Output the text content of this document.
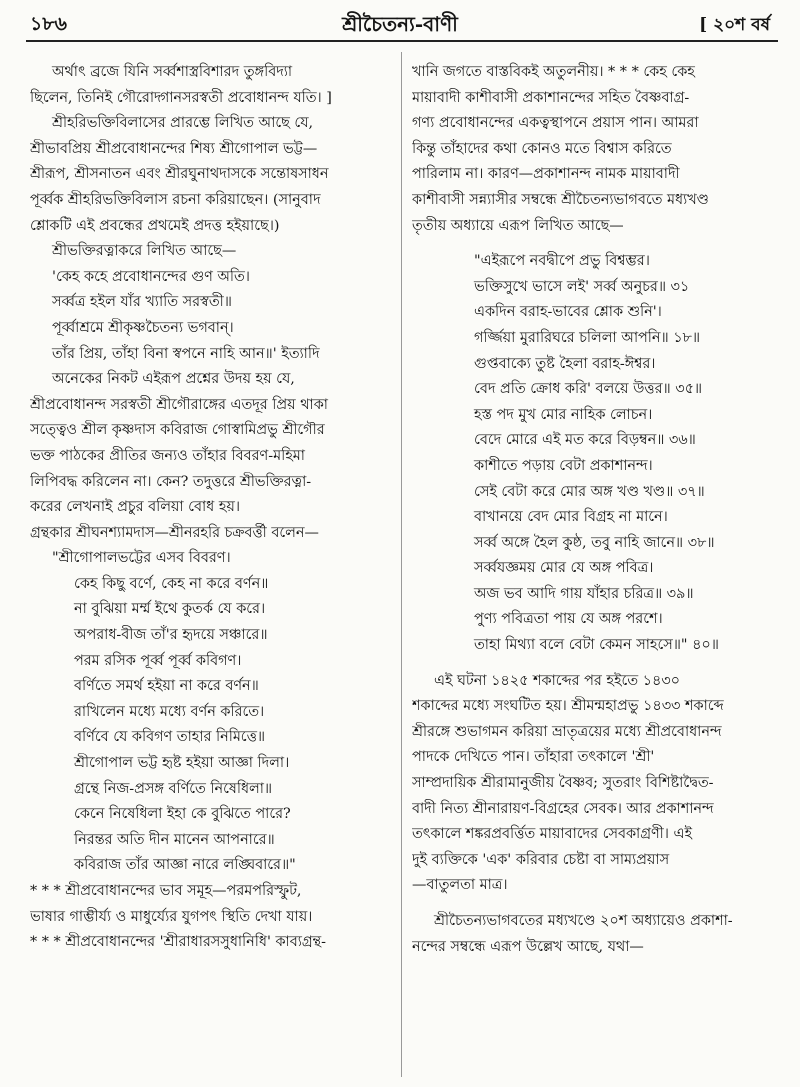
১৮৬	শ্রীচৈতন্য-বাণী	[ ২০শ বর্ষ
অর্থাৎ ব্রজে যিনি সর্ব্বশাস্ত্রবিশারদ তুঙ্গবিদ্যা
ছিলেন, তিনিই গৌরোদ্গানসরস্বতী প্রবোধানন্দ যতি। ]
শ্রীহরিভক্তিবিলাসের প্রারম্ভে লিখিত আছে যে,
শ্রীভাবপ্রিয় শ্রীপ্রবোধানন্দের শিষ্য শ্রীগোপাল ভট্ট—
শ্রীরূপ, শ্রীসনাতন এবং শ্রীরঘুনাথদাসকে সন্তোষসাধন
পূর্ব্বক শ্রীহরিভক্তিবিলাস রচনা করিয়াছেন। (সানুবাদ
শ্লোকটি এই প্রবন্ধের প্রথমেই প্রদত্ত হইয়াছে।)
শ্রীভক্তিরত্নাকরে লিখিত আছে—
'কেহ কহে প্রবোধানন্দের গুণ অতি।
সর্ব্বত্র হইল যাঁর খ্যাতি সরস্বতী॥
পূর্ব্বাশ্রমে শ্রীকৃষ্ণচৈতন্য ভগবান্।
তাঁর প্রিয়, তাঁহা বিনা স্বপনে নাহি আন॥' ইত্যাদি
অনেকের নিকট এইরূপ প্রশ্নের উদয় হয় যে,
শ্রীপ্রবোধানন্দ সরস্বতী শ্রীগৌরাঙ্গের এতদূর প্রিয় থাকা
সত্ত্বেও শ্রীল কৃষ্ণদাস কবিরাজ গোস্বামিপ্রভু শ্রীগৌর
ভক্ত পাঠকের প্রীতির জন্যও তাঁহার বিবরণ-মহিমা
লিপিবদ্ধ করিলেন না। কেন? তদুত্তরে শ্রীভক্তিরত্না-
করের লেখনাই প্রচুর বলিয়া বোধ হয়।
গ্রন্থকার শ্রীঘনশ্যামদাস—শ্রীনরহরি চক্রবর্ত্তী বলেন—
"শ্রীগোপালভট্টের এসব বিবরণ।
কেহ কিছু বর্ণে, কেহ না করে বর্ণন॥
না বুঝিয়া মর্ম্ম ইথে কুতর্ক যে করে।
অপরাধ-বীজ তাঁ'র হৃদয়ে সঞ্চারে॥
পরম রসিক পূর্ব্ব পূর্ব্ব কবিগণ।
বর্ণিতে সমর্থ হইয়া না করে বর্ণন॥
রাখিলেন মধ্যে মধ্যে বর্ণন করিতে।
বর্ণিবে যে কবিগণ তাহার নিমিত্তে॥
শ্রীগোপাল ভট্ট হৃষ্ট হইয়া আজ্ঞা দিলা।
গ্রন্থে নিজ-প্রসঙ্গ বর্ণিতে নিষেধিলা॥
কেনে নিষেধিলা ইহা কে বুঝিতে পারে?
নিরন্তর অতি দীন মানেন আপনারে॥
কবিরাজ তাঁর আজ্ঞা নারে লঙ্ঘিবারে॥"
* * * শ্রীপ্রবোধানন্দের ভাব সমূহ—পরমপরিস্ফুট,
ভাষার গাম্ভীর্য্য ও মাধুর্য্যের যুগপৎ স্থিতি দেখা যায়।
* * * শ্রীপ্রবোধানন্দের 'শ্রীরাধারসসুধানিধি' কাব্যগ্রন্থ-
খানি জগতে বাস্তবিকই অতুলনীয়। * * * কেহ কেহ
মায়াবাদী কাশীবাসী প্রকাশানন্দের সহিত বৈষ্ণবাগ্র-
গণ্য প্রবোধানন্দের একত্বস্থাপনে প্রয়াস পান। আমরা
কিন্তু তাঁহাদের কথা কোনও মতে বিশ্বাস করিতে
পারিলাম না। কারণ—প্রকাশানন্দ নামক মায়াবাদী
কাশীবাসী সন্ন্যাসীর সম্বন্ধে শ্রীচৈতন্যভাগবতে মধ্যখণ্ড
তৃতীয় অধ্যায়ে এরূপ লিখিত আছে—
"এইরূপে নবদ্বীপে প্রভু বিশ্বম্ভর।
ভক্তিসুখে ভাসে লই' সর্ব্ব অনুচর॥ ৩১
একদিন বরাহ-ভাবের শ্লোক শুনি'।
গর্জ্জিয়া মুরারিঘরে চলিলা আপনি॥ ১৮॥
গুপ্তবাক্যে তুষ্ট হৈলা বরাহ-ঈশ্বর।
বেদ প্রতি ক্রোধ করি' বলয়ে উত্তর॥ ৩৫॥
হস্ত পদ মুখ মোর নাহিক লোচন।
বেদে মোরে এই মত করে বিড়ম্বন॥ ৩৬॥
কাশীতে পড়ায় বেটা প্রকাশানন্দ।
সেই বেটা করে মোর অঙ্গ খণ্ড খণ্ড॥ ৩৭॥
বাখানয়ে বেদ মোর বিগ্রহ না মানে।
সর্ব্ব অঙ্গে হৈল কুষ্ঠ, তবু নাহি জানে॥ ৩৮॥
সর্ব্বযজ্ঞময় মোর যে অঙ্গ পবিত্র।
অজ ভব আদি গায় যাঁহার চরিত্র॥ ৩৯॥
পুণ্য পবিত্রতা পায় যে অঙ্গ পরশে।
তাহা মিথ্যা বলে বেটা কেমন সাহসে॥" ৪০॥
এই ঘটনা ১৪২৫ শকাব্দের পর হইতে ১৪৩০
শকাব্দের মধ্যে সংঘটিত হয়। শ্রীমন্মহাপ্রভু ১৪৩৩ শকাব্দে
শ্রীরঙ্গে শুভাগমন করিয়া ভ্রাতৃত্রয়ের মধ্যে শ্রীপ্রবোধানন্দ
পাদকে দেখিতে পান। তাঁহারা তৎকালে 'শ্রী'
সাম্প্রদায়িক শ্রীরামানুজীয় বৈষ্ণব; সুতরাং বিশিষ্টাদ্বৈত-
বাদী নিত্য শ্রীনারায়ণ-বিগ্রহের সেবক। আর প্রকাশানন্দ
তৎকালে শঙ্করপ্রবর্ত্তিত মায়াবাদের সেবকাগ্রণী। এই
দুই ব্যক্তিকে 'এক' করিবার চেষ্টা বা সাম্যপ্রয়াস
—বাতুলতা মাত্র।
শ্রীচৈতন্যভাগবতের মধ্যখণ্ডে ২০শ অধ্যায়েও প্রকাশা-
নন্দের সম্বন্ধে এরূপ উল্লেখ আছে, যথা—
